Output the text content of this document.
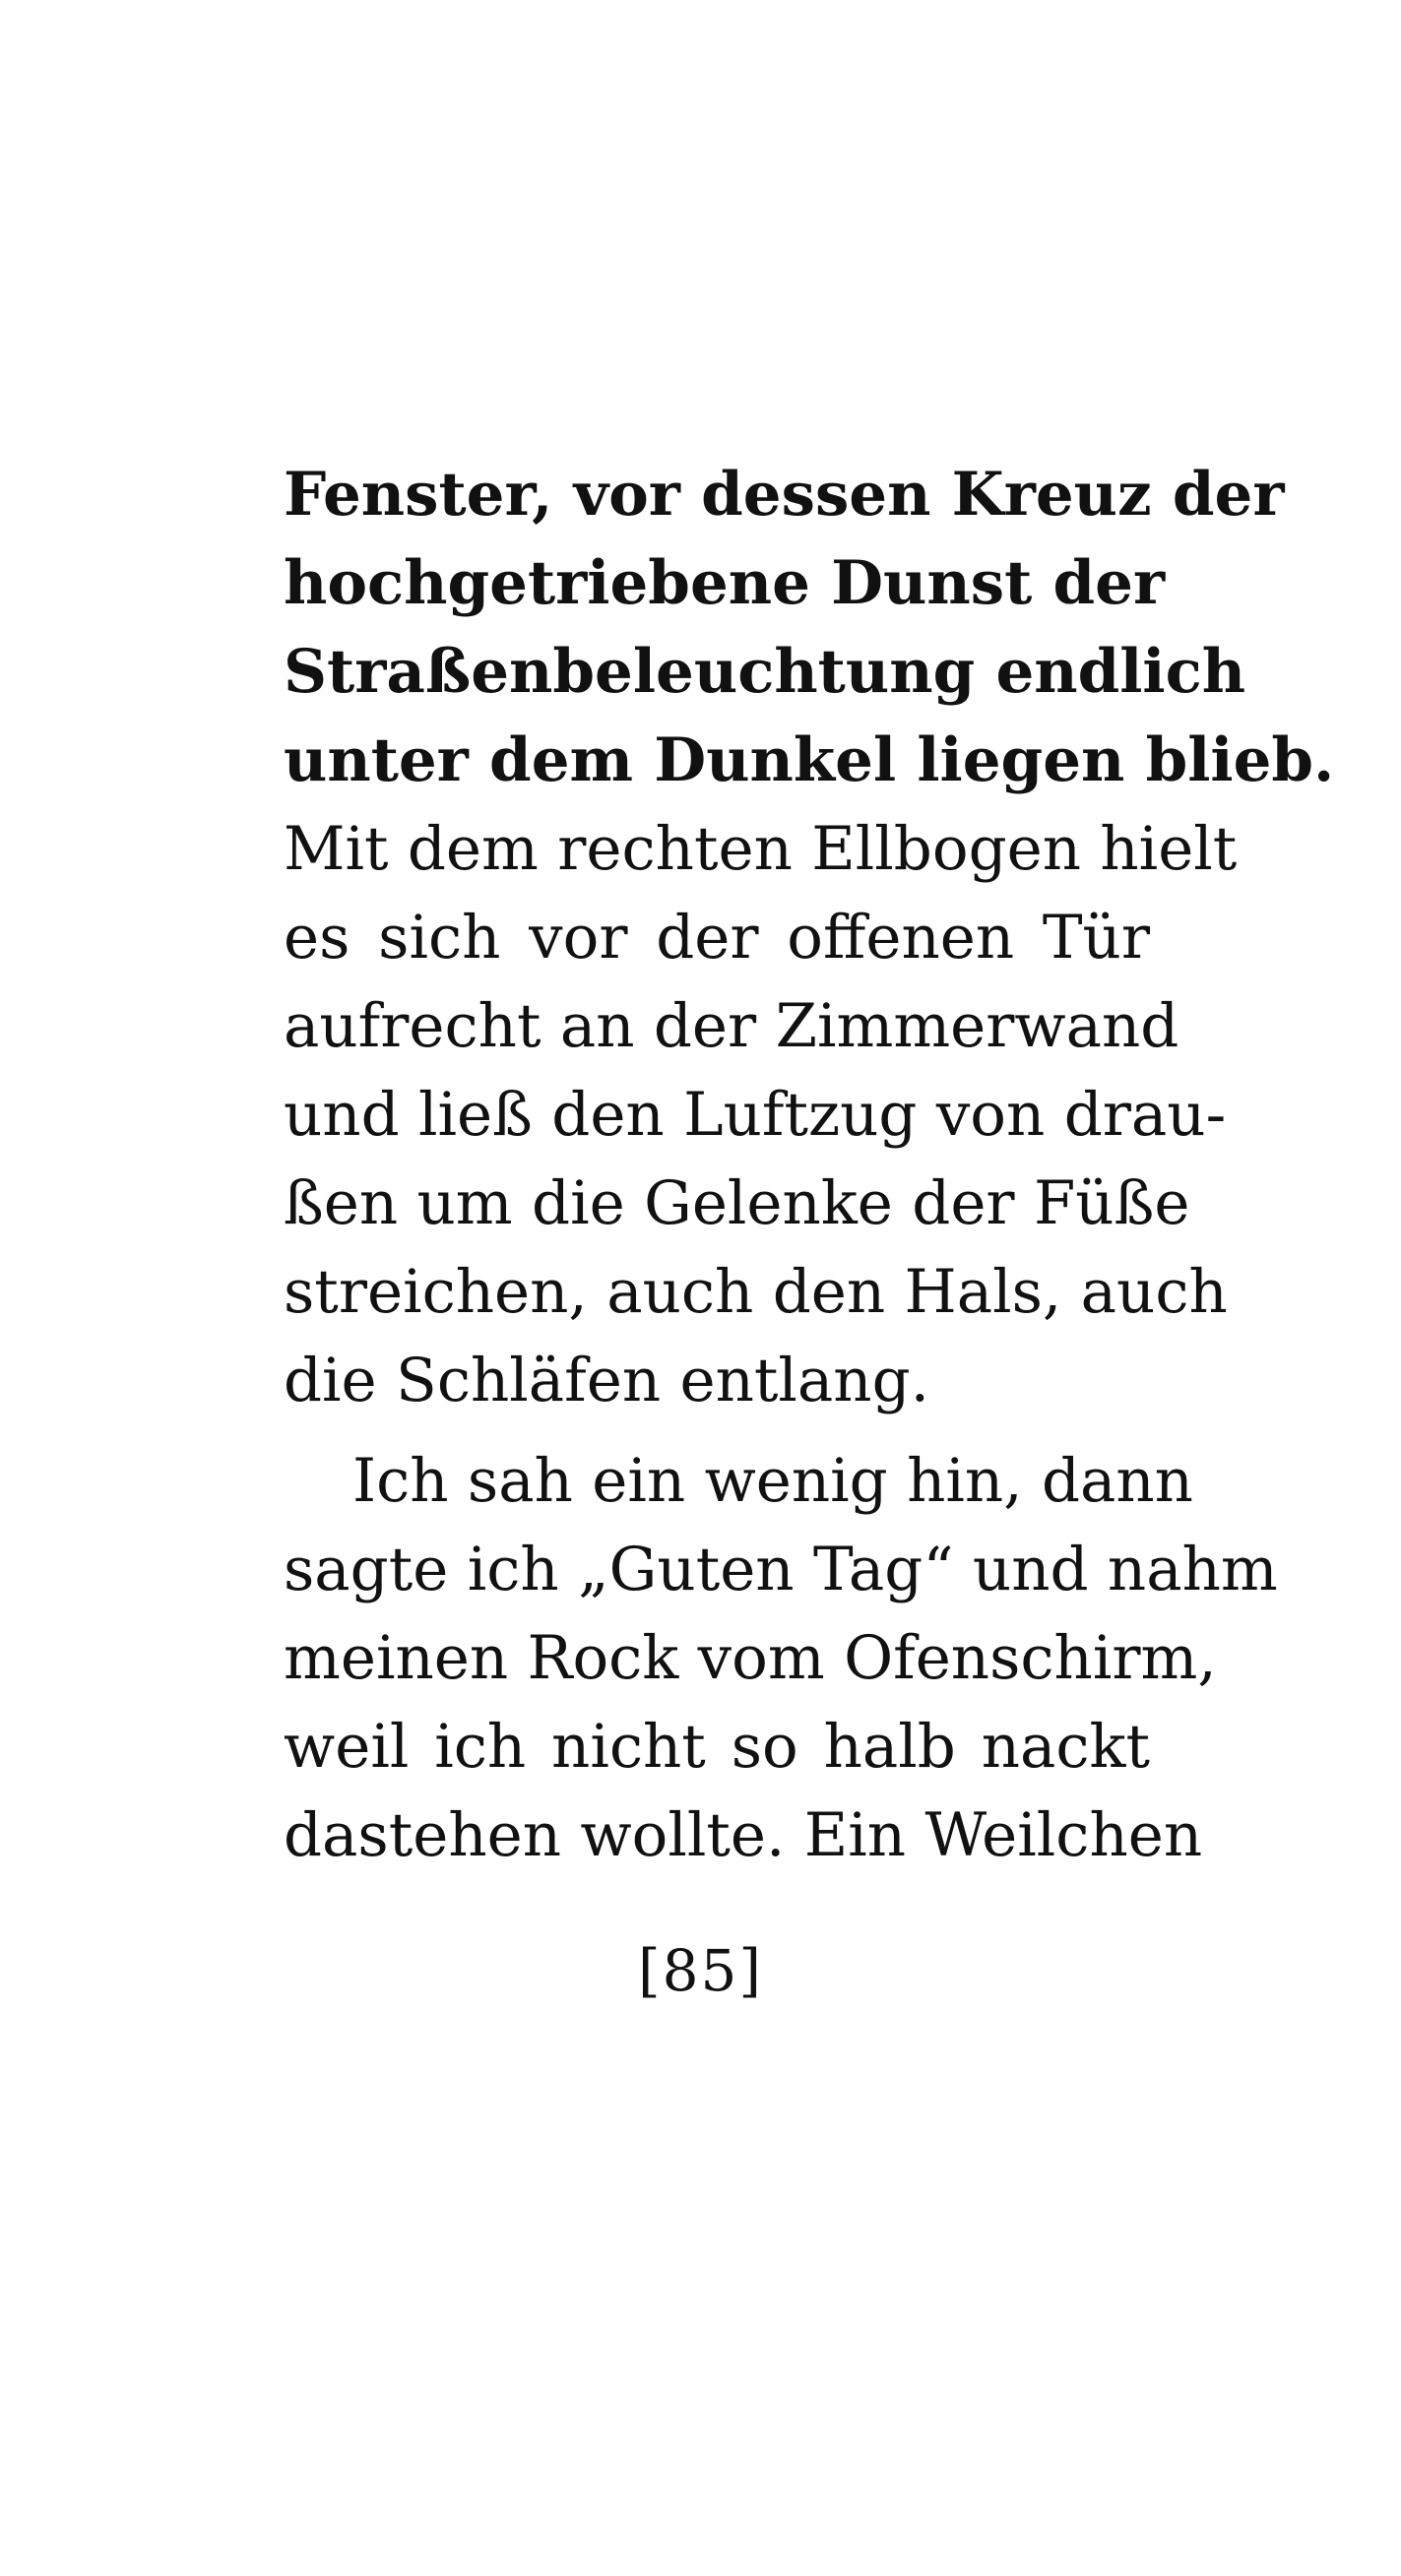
Fenster, vor dessen Kreuz der
hochgetriebene Dunst der
Straßenbeleuchtung endlich
unter dem Dunkel liegen blieb.
Mit dem rechten Ellbogen hielt
es sich vor der offenen Tür
aufrecht an der Zimmerwand
und ließ den Luftzug von drau-
ßen um die Gelenke der Füße
streichen, auch den Hals, auch
die Schläfen entlang.
Ich sah ein wenig hin, dann
sagte ich „Guten Tag“ und nahm
meinen Rock vom Ofenschirm,
weil ich nicht so halb nackt
dastehen wollte. Ein Weilchen
[85]
